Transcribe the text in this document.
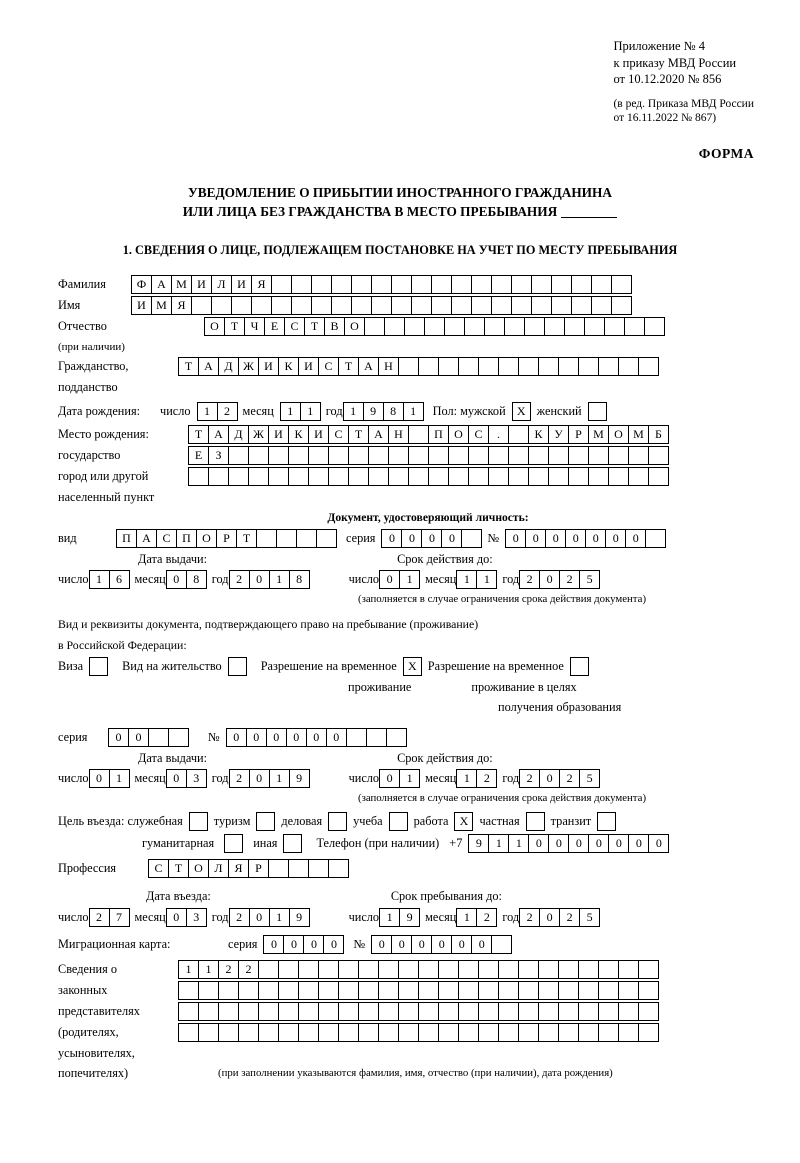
Приложение № 4
к приказу МВД России
от 10.12.2020 № 856
(в ред. Приказа МВД России
от 16.11.2022 № 867)
ФОРМА
УВЕДОМЛЕНИЕ О ПРИБЫТИИ ИНОСТРАННОГО ГРАЖДАНИНА
ИЛИ ЛИЦА БЕЗ ГРАЖДАНСТВА В МЕСТО ПРЕБЫВАНИЯ
1. СВЕДЕНИЯ О ЛИЦЕ, ПОДЛЕЖАЩЕМ ПОСТАНОВКЕ НА УЧЕТ ПО МЕСТУ ПРЕБЫВАНИЯ
Фамилия	Ф А М И Л И Я
Имя	И М Я
Отчество	О	Т	Ч	Е	С	Т	В О
(при наличии)
Гражданство,	Т А Д Ж И К И С	Т А Н
подданство
Дата рождения: число	1	2	месяц	1	1	год 1	9	8	1	Пол: мужской Х женский
Место рождения:	Т А Д Ж И К И С	Т А Н	П О С	.	К У	Р М О М Б
государство	Е	З
город или другой
населенный пункт
Документ, удостоверяющий личность:
вид	П А С П О	Р	Т	серия	0	0	0	0	№	0	0	0	0	0	0	0
Дата выдачи:	Срок действия до:
число 1	6	месяц 0	8	год 2	0	1	8	число 0	1	месяц 1	1	год 2	0	2	5
(заполняется в случае ограничения срока действия документа)
Вид и реквизиты документа, подтверждающего право на пребывание (проживание)
в Российской Федерации:
Виза	Вид на жительство	Разрешение на временное Х Разрешение на временное
проживание	проживание в целях
получения образования
серия	0	0	№	0	0	0	0	0	0
Дата выдачи:	Срок действия до:
число 0	1	месяц 0	3	год 2	0	1	9	число 0	1	месяц 1	2	год 2	0	2	5
(заполняется в случае ограничения срока действия документа)
Цель въезда: служебная	туризм	деловая	учеба	работа Х частная	транзит
гуманитарная	иная	Телефон (при наличии) +7	9	1	1	0	0	0	0	0	0	0
Профессия	С	Т О Л Я	Р
Дата въезда:	Срок пребывания до:
число 2	7	месяц 0	3	год 2	0	1	9	число 1	9	месяц 1	2	год 2	0	2	5
Миграционная карта:	серия	0	0	0	0	№	0	0	0	0	0	0
Сведения о	1	1	2	2
законных
представителях
(родителях,
усыновителях,
попечителях)	(при заполнении указываются фамилия, имя, отчество (при наличии), дата рождения)
